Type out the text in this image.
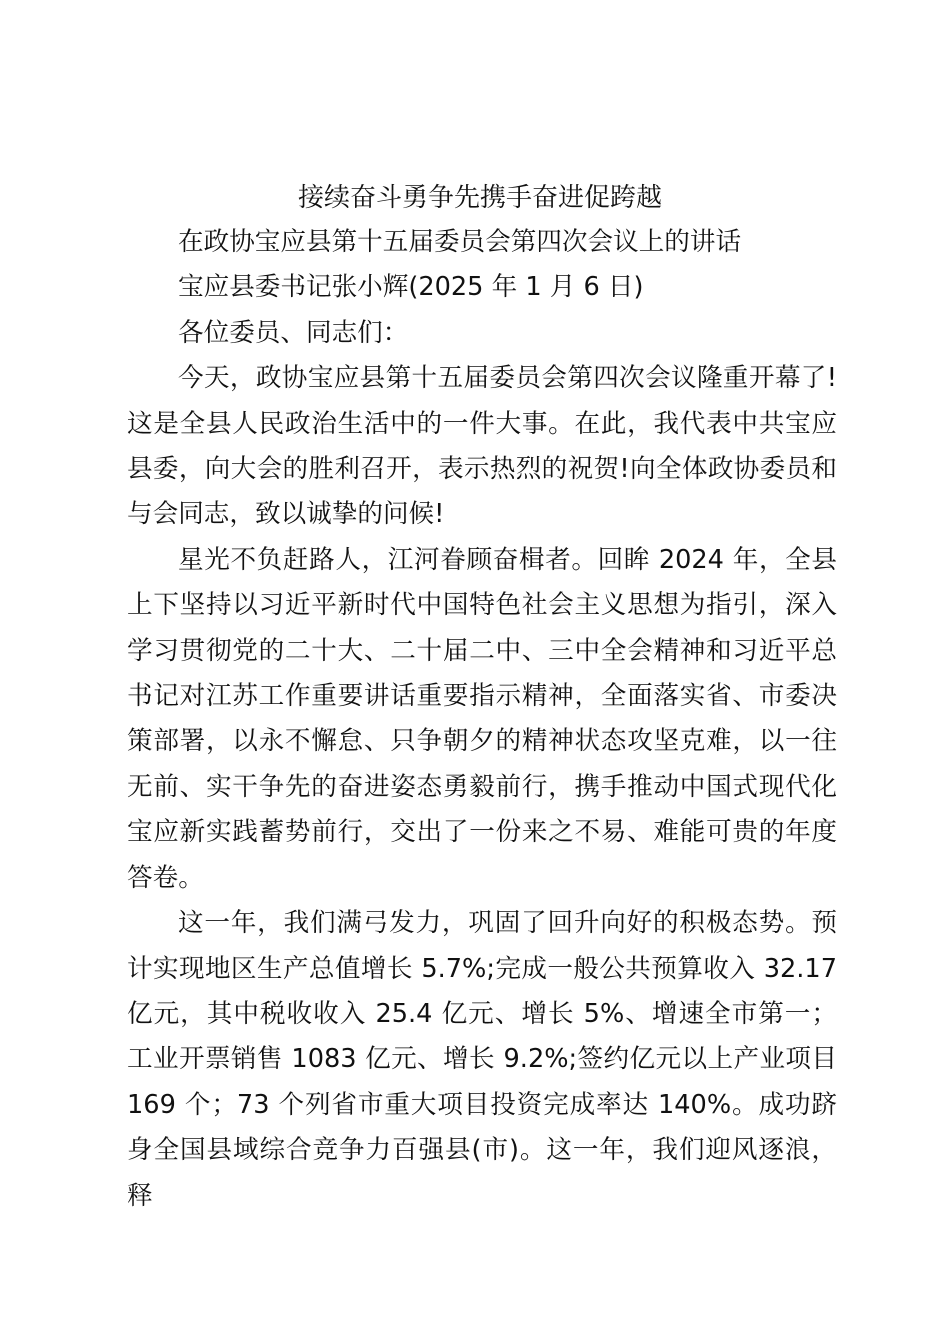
接续奋斗勇争先携手奋进促跨越

在政协宝应县第十五届委员会第四次会议上的讲话

宝应县委书记张小辉(2025 年 1 月 6 日)

各位委员、同志们：

今天，政协宝应县第十五届委员会第四次会议隆重开幕了!这是全县人民政治生活中的一件大事。在此，我代表中共宝应县委，向大会的胜利召开，表示热烈的祝贺!向全体政协委员和与会同志，致以诚挚的问候!

星光不负赶路人，江河眷顾奋楫者。回眸 2024 年，全县上下坚持以习近平新时代中国特色社会主义思想为指引，深入学习贯彻党的二十大、二十届二中、三中全会精神和习近平总书记对江苏工作重要讲话重要指示精神，全面落实省、市委决策部署，以永不懈怠、只争朝夕的精神状态攻坚克难，以一往无前、实干争先的奋进姿态勇毅前行，携手推动中国式现代化宝应新实践蓄势前行，交出了一份来之不易、难能可贵的年度答卷。

这一年，我们满弓发力，巩固了回升向好的积极态势。预计实现地区生产总值增长 5.7%;完成一般公共预算收入 32.17 亿元，其中税收收入 25.4 亿元、增长 5%、增速全市第一；工业开票销售 1083 亿元、增长 9.2%;签约亿元以上产业项目 169 个；73 个列省市重大项目投资完成率达 140%。成功跻身全国县域综合竞争力百强县(市)。这一年，我们迎风逐浪，释
